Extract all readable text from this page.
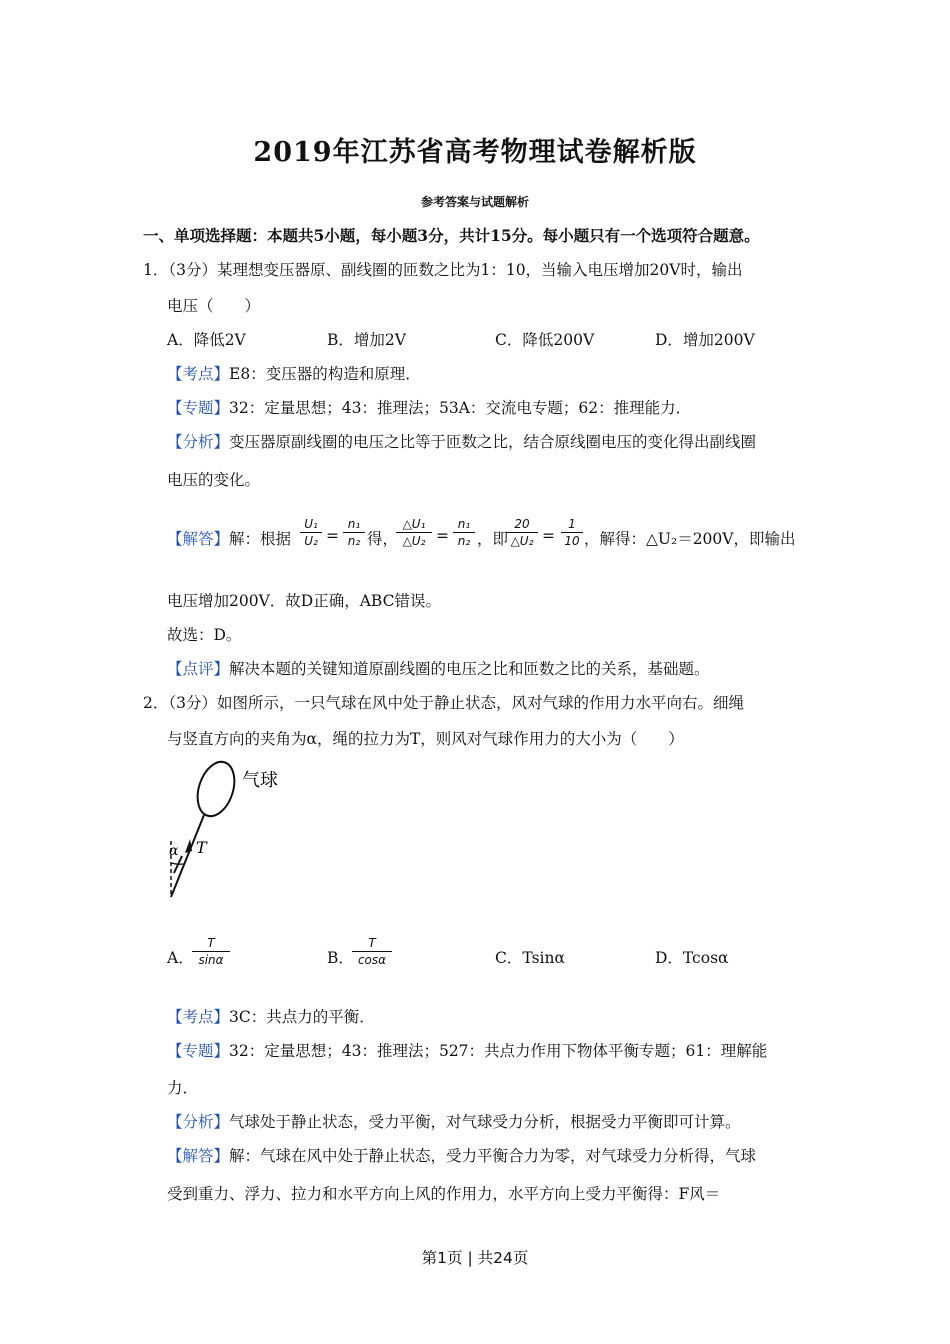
2019年江苏省高考物理试卷解析版
参考答案与试题解析
一、单项选择题：本题共5小题，每小题3分，共计15分。每小题只有一个选项符合题意。
1．（3分）某理想变压器原、副线圈的匝数之比为1：10，当输入电压增加20V时，输出
电压（　　）
A．降低2V	B．增加2V	C．降低200V	D．增加200V
【考点】E8：变压器的构造和原理．
【专题】32：定量思想；43：推理法；53A：交流电专题；62：推理能力．
【分析】变压器原副线圈的电压之比等于匝数之比，结合原线圈电压的变化得出副线圈
电压的变化。
【解答】解：根据
U₁
U₂ =
n₁
n₂ 得，
△U₁
△U₂ =
n₁
n₂ ，即
20
△U₂ =
1
10 ，解得：△U₂＝200V，即输出
电压增加200V．故D正确，ABC错误。
故选：D。
【点评】解决本题的关键知道原副线圈的电压之比和匝数之比的关系，基础题。
2．（3分）如图所示，一只气球在风中处于静止状态，风对气球的作用力水平向右。细绳
与竖直方向的夹角为α，绳的拉力为T，则风对气球作用力的大小为（　　）
α T
气球
A．
T
sinα	B．
T
cosα	C．Tsinα	D．Tcosα
【考点】3C：共点力的平衡．
【专题】32：定量思想；43：推理法；527：共点力作用下物体平衡专题；61：理解能
力．
【分析】气球处于静止状态，受力平衡，对气球受力分析，根据受力平衡即可计算。
【解答】解：气球在风中处于静止状态，受力平衡合力为零，对气球受力分析得，气球
受到重力、浮力、拉力和水平方向上风的作用力，水平方向上受力平衡得：F风＝
第1页 | 共24页
